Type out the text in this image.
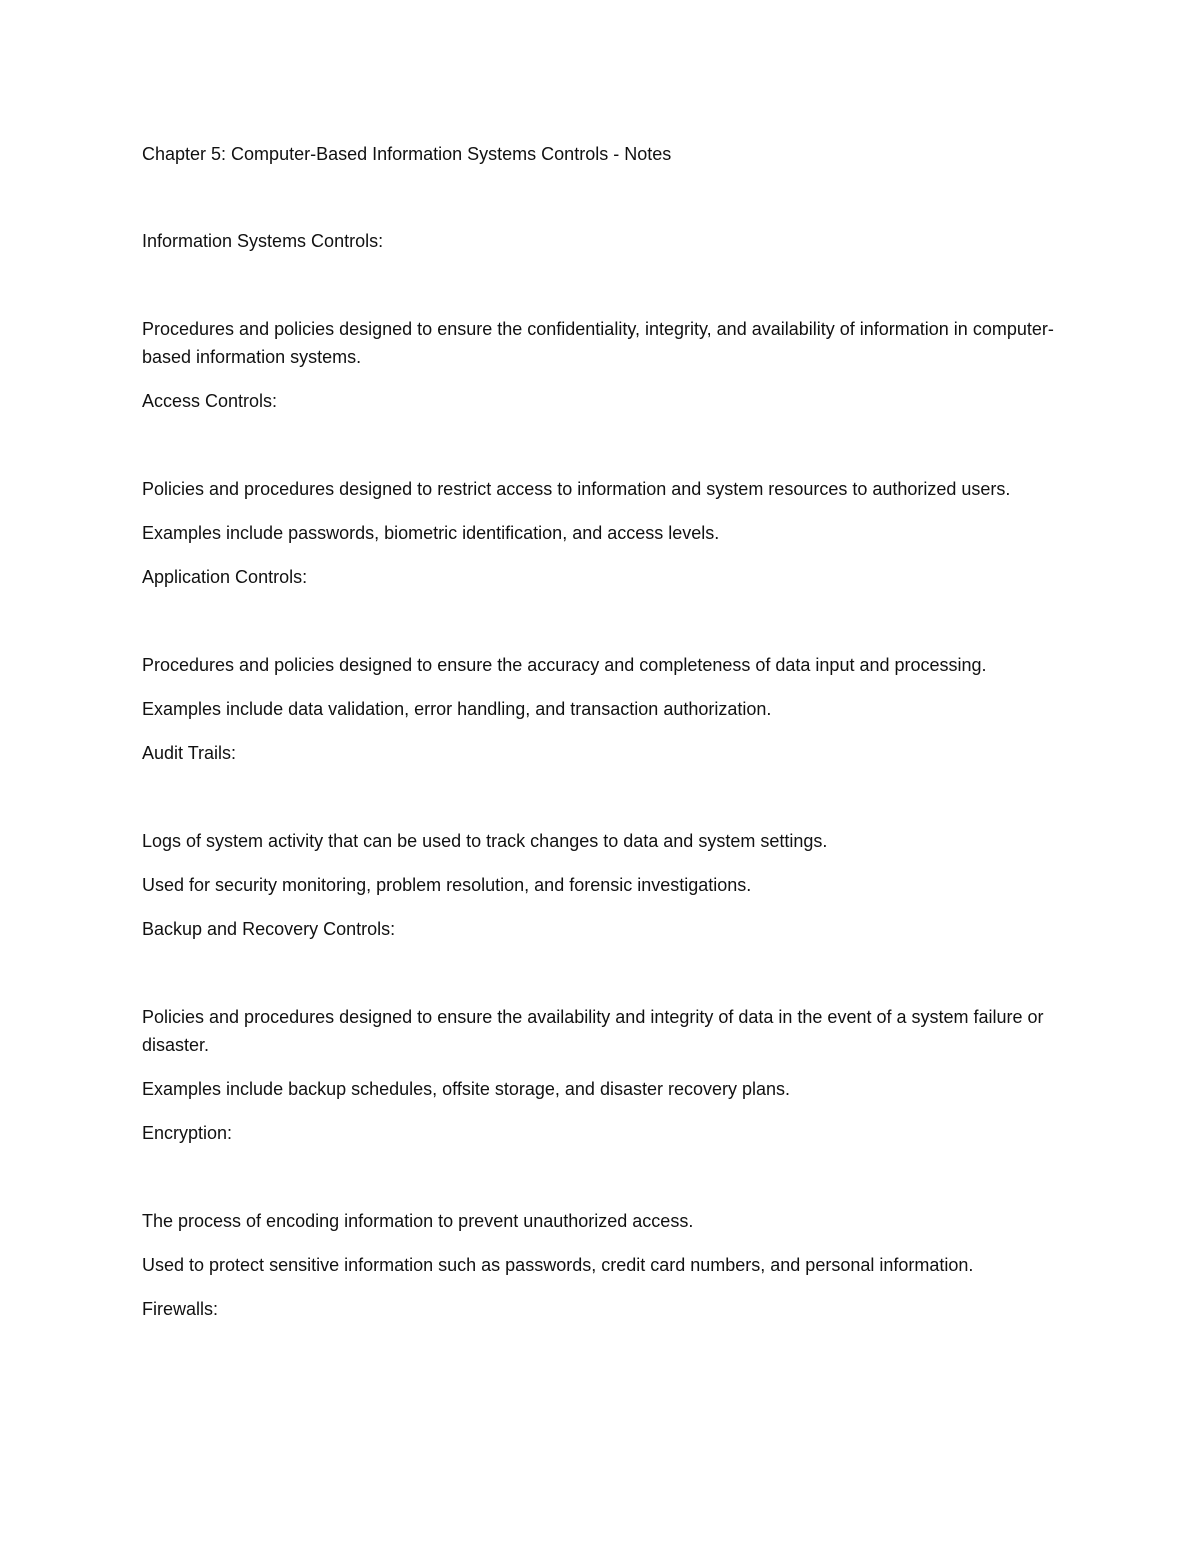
Chapter 5: Computer-Based Information Systems Controls - Notes

Information Systems Controls:

Procedures and policies designed to ensure the confidentiality, integrity, and availability of information in computer-based information systems.

Access Controls:

Policies and procedures designed to restrict access to information and system resources to authorized users.

Examples include passwords, biometric identification, and access levels.

Application Controls:

Procedures and policies designed to ensure the accuracy and completeness of data input and processing.

Examples include data validation, error handling, and transaction authorization.

Audit Trails:

Logs of system activity that can be used to track changes to data and system settings.

Used for security monitoring, problem resolution, and forensic investigations.

Backup and Recovery Controls:

Policies and procedures designed to ensure the availability and integrity of data in the event of a system failure or disaster.

Examples include backup schedules, offsite storage, and disaster recovery plans.

Encryption:

The process of encoding information to prevent unauthorized access.

Used to protect sensitive information such as passwords, credit card numbers, and personal information.

Firewalls:
